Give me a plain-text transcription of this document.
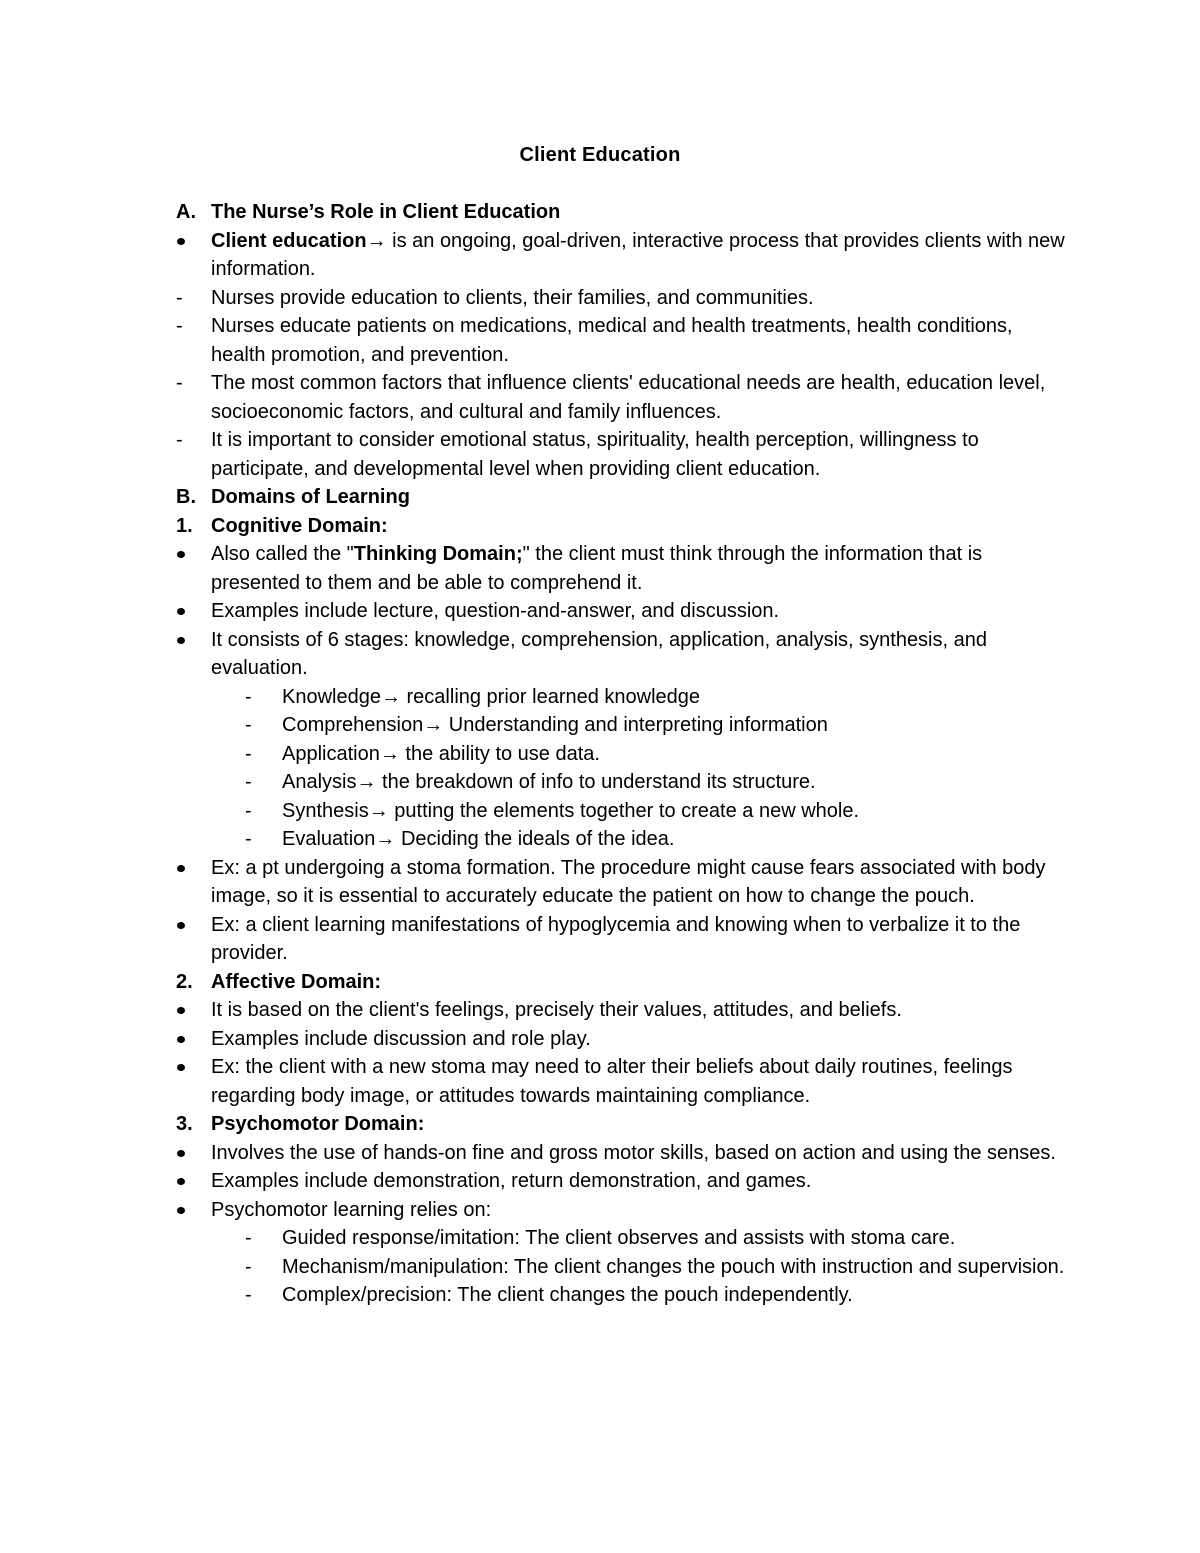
Client Education
A. The Nurse’s Role in Client Education
Client education→ is an ongoing, goal-driven, interactive process that provides clients with new information.
- Nurses provide education to clients, their families, and communities.
- Nurses educate patients on medications, medical and health treatments, health conditions, health promotion, and prevention.
- The most common factors that influence clients' educational needs are health, education level, socioeconomic factors, and cultural and family influences.
- It is important to consider emotional status, spirituality, health perception, willingness to participate, and developmental level when providing client education.
B. Domains of Learning
1. Cognitive Domain:
Also called the "Thinking Domain;" the client must think through the information that is presented to them and be able to comprehend it.
Examples include lecture, question-and-answer, and discussion.
It consists of 6 stages: knowledge, comprehension, application, analysis, synthesis, and evaluation.
- Knowledge→ recalling prior learned knowledge
- Comprehension→ Understanding and interpreting information
- Application→ the ability to use data.
- Analysis→ the breakdown of info to understand its structure.
- Synthesis→ putting the elements together to create a new whole.
- Evaluation→ Deciding the ideals of the idea.
Ex: a pt undergoing a stoma formation. The procedure might cause fears associated with body image, so it is essential to accurately educate the patient on how to change the pouch.
Ex: a client learning manifestations of hypoglycemia and knowing when to verbalize it to the provider.
2. Affective Domain:
It is based on the client's feelings, precisely their values, attitudes, and beliefs.
Examples include discussion and role play.
Ex: the client with a new stoma may need to alter their beliefs about daily routines, feelings regarding body image, or attitudes towards maintaining compliance.
3. Psychomotor Domain:
Involves the use of hands-on fine and gross motor skills, based on action and using the senses.
Examples include demonstration, return demonstration, and games.
Psychomotor learning relies on:
- Guided response/imitation: The client observes and assists with stoma care.
- Mechanism/manipulation: The client changes the pouch with instruction and supervision.
- Complex/precision: The client changes the pouch independently.
